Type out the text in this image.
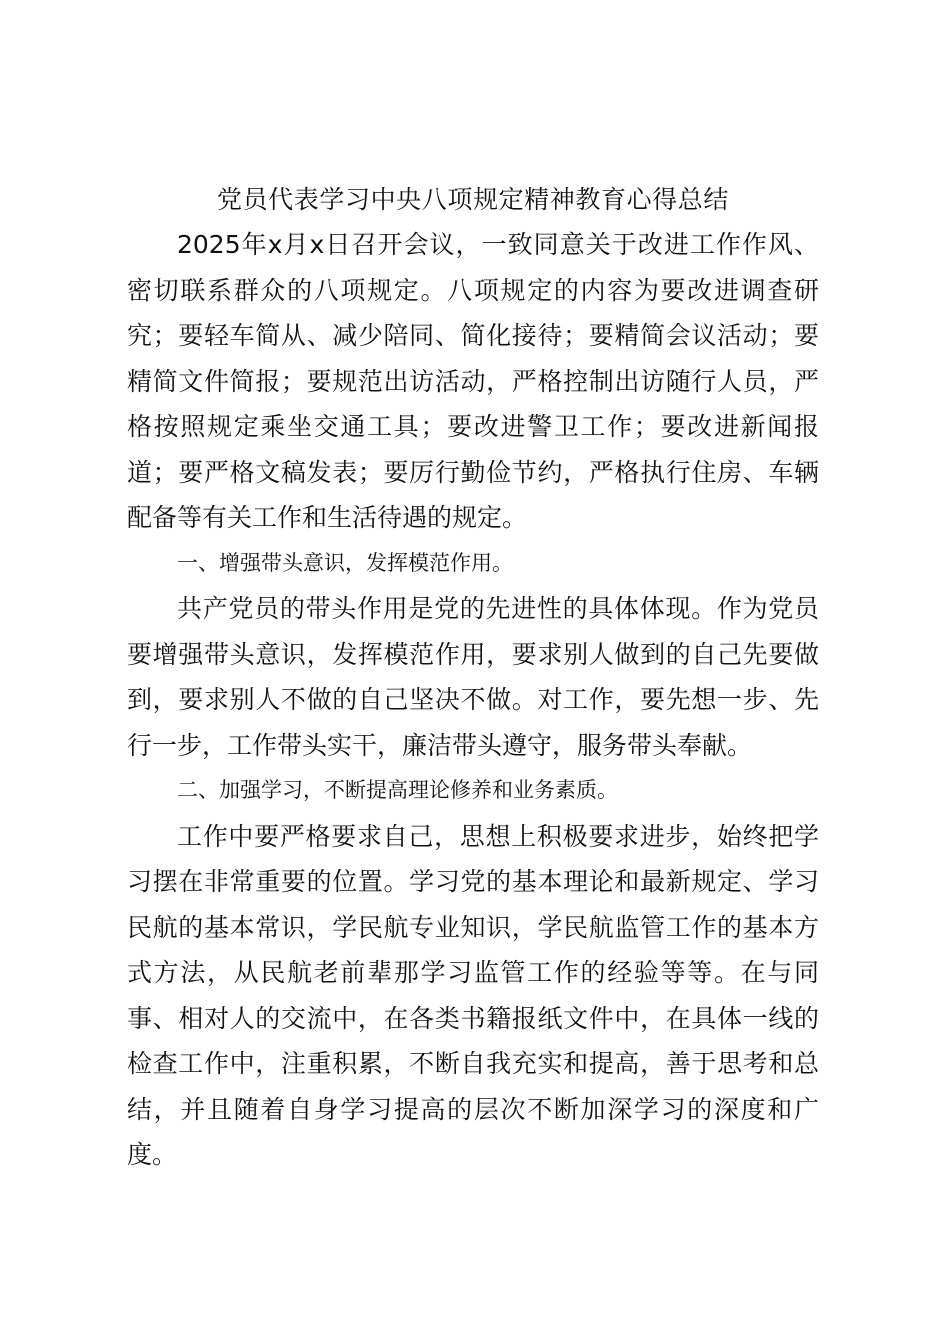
党员代表学习中央八项规定精神教育心得总结

2025年x月x日召开会议，一致同意关于改进工作作风、密切联系群众的八项规定。八项规定的内容为要改进调查研究；要轻车简从、减少陪同、简化接待；要精简会议活动；要精简文件简报；要规范出访活动，严格控制出访随行人员，严格按照规定乘坐交通工具；要改进警卫工作；要改进新闻报道；要严格文稿发表；要厉行勤俭节约，严格执行住房、车辆配备等有关工作和生活待遇的规定。

一、增强带头意识，发挥模范作用。

共产党员的带头作用是党的先进性的具体体现。作为党员要增强带头意识，发挥模范作用，要求别人做到的自己先要做到，要求别人不做的自己坚决不做。对工作，要先想一步、先行一步，工作带头实干，廉洁带头遵守，服务带头奉献。

二、加强学习，不断提高理论修养和业务素质。

工作中要严格要求自己，思想上积极要求进步，始终把学习摆在非常重要的位置。学习党的基本理论和最新规定、学习民航的基本常识，学民航专业知识，学民航监管工作的基本方式方法，从民航老前辈那学习监管工作的经验等等。在与同事、相对人的交流中，在各类书籍报纸文件中，在具体一线的检查工作中，注重积累，不断自我充实和提高，善于思考和总结，并且随着自身学习提高的层次不断加深学习的深度和广度。
